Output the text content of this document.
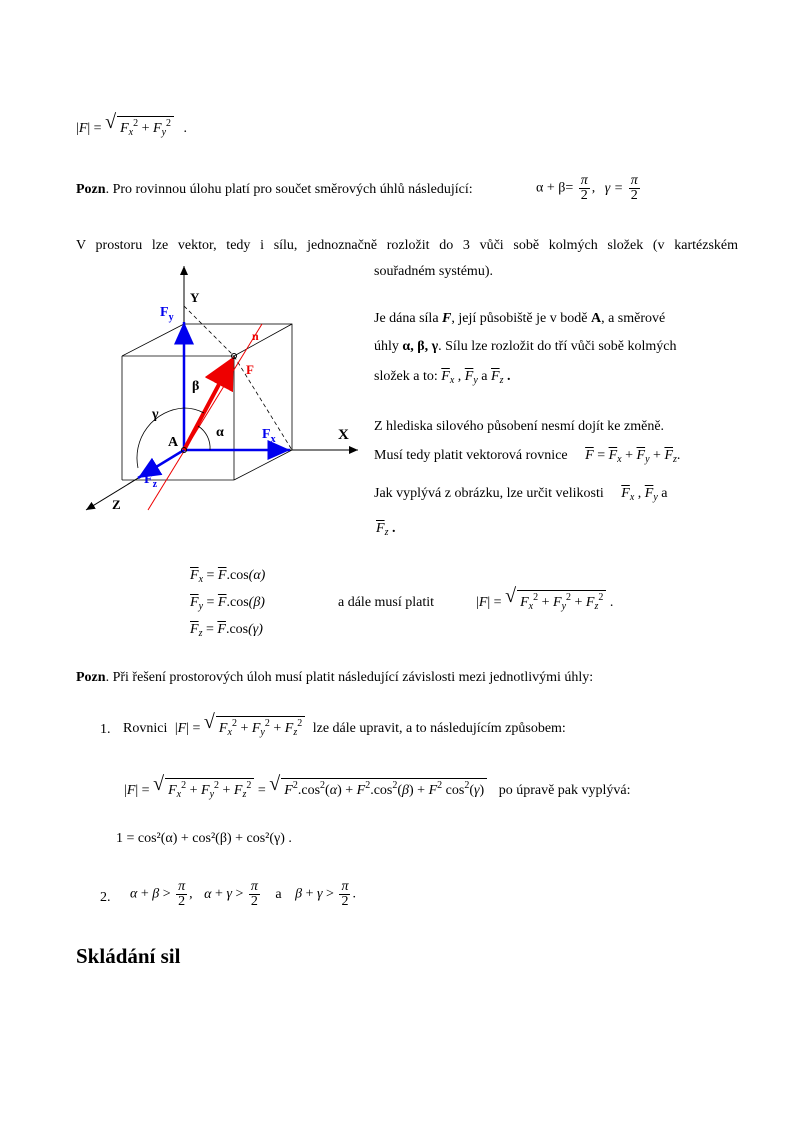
|F| = √ $F_x^2 + F_y^2$ .
Pozn. Pro rovinnou úlohu platí pro součet směrových úhlů následující:	$\alpha + \beta= \frac{\pi}{2}$ , $\gamma = \frac{\pi}{2}$
V prostoru lze vektor, tedy i sílu, jednoznačně rozložit do 3 vůči sobě kolmých složek (v kartézském
souřadném systému).
Y
X
Z
$F_y$
$F_x$
$F_z$
F
n
A
α
β
γ
Je dána síla F, její působiště je v bodě A, a směrové
úhly α, β, γ. Sílu lze rozložit do tří vůči sobě kolmých
složek a to: $\overline{F}_x$ , $\overline{F}_y$ a $\overline{F}_z$ .
Z hlediska silového působení nesmí dojít ke změně.
Musí tedy platit vektorová rovnice $\overline{F} = \overline{F}_x + \overline{F}_y + \overline{F}_z$.
Jak vyplývá z obrázku, lze určit velikosti $\overline{F}_x$ , $\overline{F}_y$ a
$\overline{F}_z$ .
$\overline{F}_x = \overline{F}.\cos(\alpha)$
$\overline{F}_y = \overline{F}.\cos(\beta)$
$\overline{F}_z = \overline{F}.\cos(\gamma)$
a dále musí platit	|F| = √ $F_x^2 + F_y^2 + F_z^2$ .
Pozn. Při řešení prostorových úloh musí platit následující závislosti mezi jednotlivými úhly:
1. Rovnici |F| = √ $F_x^2 + F_y^2 + F_z^2$ lze dále upravit, a to následujícím způsobem:
|F| = √ $F_x^2 + F_y^2 + F_z^2$ = √ $F^2.\cos^2(\alpha) + F^2.\cos^2(\beta) + F^2$ $\cos^2(\gamma)$ po úpravě pak vyplývá:
1 = cos²(α) + cos²(β) + cos²(γ) .
2. $\alpha + \beta > \frac{\pi}{2}$ , $\alpha + \gamma > \frac{\pi}{2}$ a $\beta + \gamma > \frac{\pi}{2}$ .
Skládání sil
